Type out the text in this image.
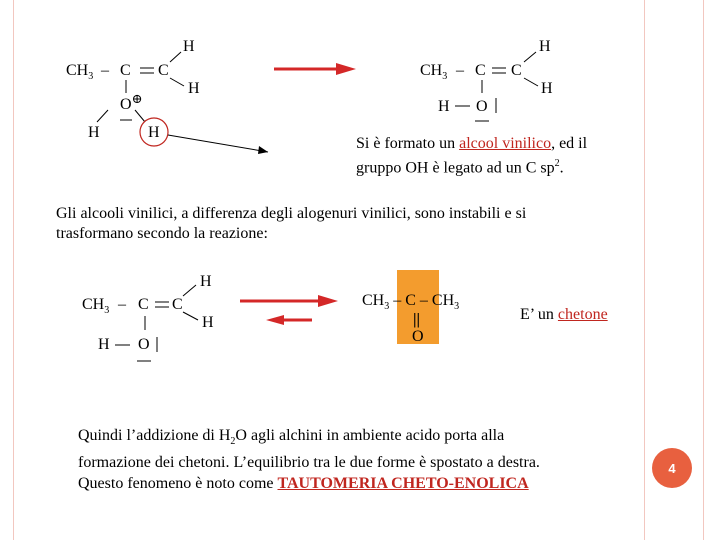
$CH_3$ – C C
H
H
O⊕
H	H
$CH_3$ – C C
H
H
H O
Si è formato un alcool vinilico, ed il
gruppo OH è legato ad un C $sp^2$.
Gli alcooli vinilici, a differenza degli alogenuri vinilici, sono instabili e si
trasformano secondo la reazione:
$CH_3$ – C C
H
H
H O
$CH_3$ – C – $CH_3$
||
O
E’ un chetone
Quindi l’addizione di $H_2O$ agli alchini in ambiente acido porta alla
formazione dei chetoni. L’equilibrio tra le due forme è spostato a destra.
Questo fenomeno è noto come TAUTOMERIA CHETO-ENOLICA
4
